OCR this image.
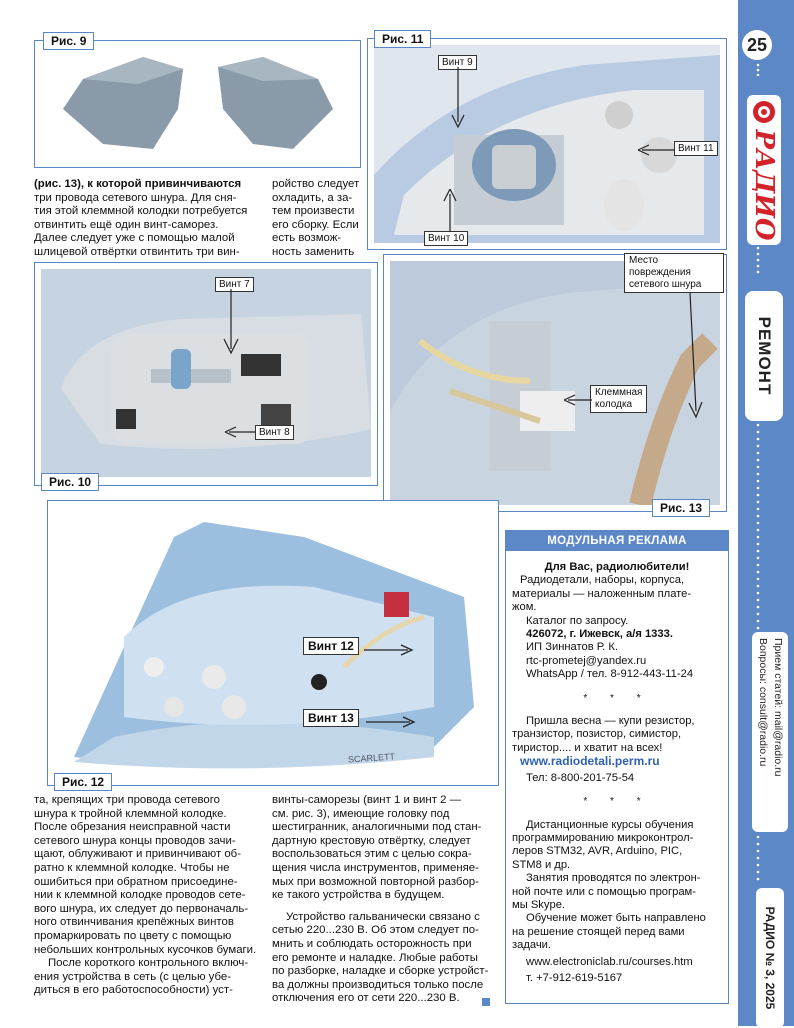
25
РАДИО
РЕМОНТ
Прием статей: mail@radio.ru
Вопросы: consult@radio.ru
РАДИО № 3, 2025
Рис. 9	Рис. 11
Винт 9
Винт 11
Винт 10

(рис. 13), к которой привинчиваются

три провода сетевого шнура. Для сня-

тия этой клеммной колодки потребуется

отвинтить ещё один винт-саморез.

Далее следует уже с помощью малой

шлицевой отвёртки отвинтить три вин-

ройство следует

охладить, а за-

тем произвести

его сборку. Если

есть возмож-

ность заменить

Рис. 10
Винт 7
Винт 8
Рис. 13
Место
повреждения
сетевого шнура
Клеммная
колодка
Рис. 12
Винт 12
Винт 13
SCARLETT

та, крепящих три провода сетевого

шнура к тройной клеммной колодке.

После обрезания неисправной части

сетевого шнура концы проводов зачи-

щают, облуживают и привинчивают об-

ратно к клеммной колодке. Чтобы не

ошибиться при обратном присоедине-

нии к клеммной колодке проводов сете-

вого шнура, их следует до первоначаль-

ного отвинчивания крепёжных винтов

промаркировать по цвету с помощью

небольших контрольных кусочков бумаги.

После короткого контрольного включ-

ения устройства в сеть (с целью убе-

диться в его работоспособности) уст-

винты-саморезы (винт 1 и винт 2 —

см. рис. 3), имеющие головку под

шестигранник, аналогичными под стан-

дартную крестовую отвёртку, следует

воспользоваться этим с целью сокра-

щения числа инструментов, применяе-

мых при возможной повторной разбор-

ке такого устройства в будущем.

Устройство гальванически связано с

сетью 220...230 В. Об этом следует по-

мнить и соблюдать осторожность при

его ремонте и наладке. Любые работы

по разборке, наладке и сборке устройст-

ва должны производиться только после

отключения его от сети 220...230 В.

МОДУЛЬНАЯ РЕКЛАМА
Для Вас, радиолюбители!
Радиодетали, наборы, корпуса,
материалы — наложенным плате-
жом.
Каталог по запросу.
426072, г. Ижевск, а/я 1333.
ИП Зиннатов Р. К.
rtc-prometej@yandex.ru
WhatsApp / тел. 8-912-443-11-24
* * *
Пришла весна — купи резистор,
транзистор, позистор, симистор,
тиристор.... и хватит на всех!
www.radiodetali.perm.ru
Тел: 8-800-201-75-54
* * *
Дистанционные курсы обучения
программированию микроконтрол-
леров STM32, AVR, Arduino, PIC,
STM8 и др.
Занятия проводятся по электрон-
ной почте или с помощью програм-
мы Skype.
Обучение может быть направлено
на решение стоящей перед вами
задачи.
www.electroniclab.ru/courses.htm
т. +7-912-619-5167
